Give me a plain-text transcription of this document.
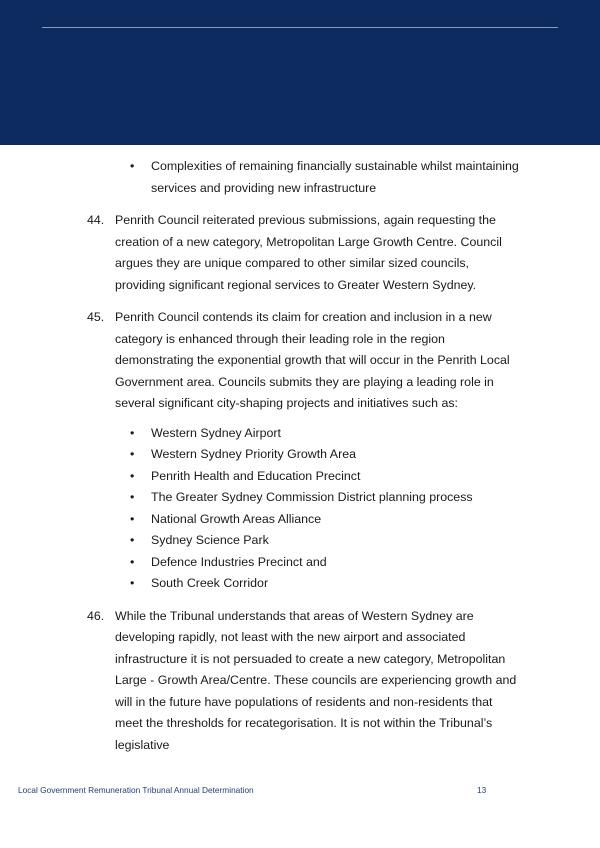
• Complexities of remaining financially sustainable whilst maintaining services and providing new infrastructure
44. Penrith Council reiterated previous submissions, again requesting the creation of a new category, Metropolitan Large Growth Centre. Council argues they are unique compared to other similar sized councils, providing significant regional services to Greater Western Sydney.
45. Penrith Council contends its claim for creation and inclusion in a new category is enhanced through their leading role in the region demonstrating the exponential growth that will occur in the Penrith Local Government area. Councils submits they are playing a leading role in several significant city-shaping projects and initiatives such as:
• Western Sydney Airport
• Western Sydney Priority Growth Area
• Penrith Health and Education Precinct
• The Greater Sydney Commission District planning process
• National Growth Areas Alliance
• Sydney Science Park
• Defence Industries Precinct and
• South Creek Corridor
46. While the Tribunal understands that areas of Western Sydney are developing rapidly, not least with the new airport and associated infrastructure it is not persuaded to create a new category, Metropolitan Large - Growth Area/Centre. These councils are experiencing growth and will in the future have populations of residents and non-residents that meet the thresholds for recategorisation. It is not within the Tribunal’s legislative
Local Government Remuneration Tribunal Annual Determination	13
